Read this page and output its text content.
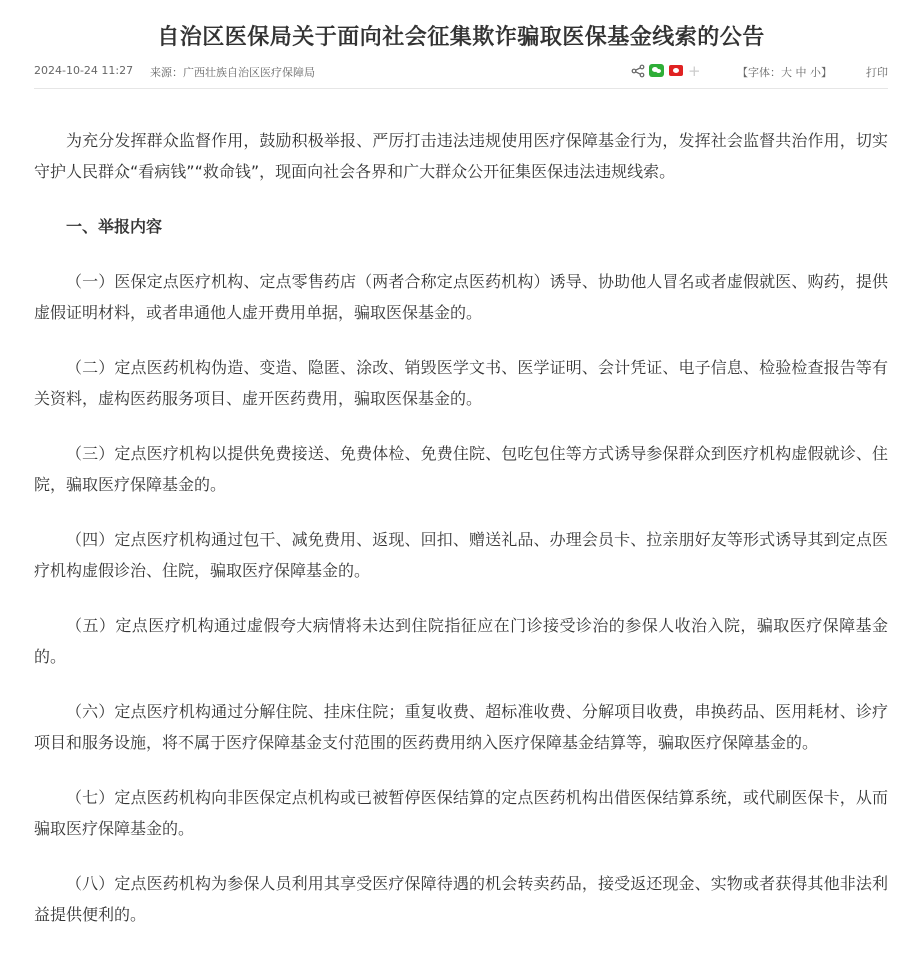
自治区医保局关于面向社会征集欺诈骗取医保基金线索的公告
2024-10-24 11:27 来源：广西壮族自治区医疗保障局	+	【字体：大 中 小】	打印

为充分发挥群众监督作用，鼓励积极举报、严厉打击违法违规使用医疗保障基金行为，发挥社会监督共治作用，切实守护人民群众“看病钱”“救命钱”，现面向社会各界和广大群众公开征集医保违法违规线索。

一、举报内容

（一）医保定点医疗机构、定点零售药店（两者合称定点医药机构）诱导、协助他人冒名或者虚假就医、购药，提供虚假证明材料，或者串通他人虚开费用单据，骗取医保基金的。

（二）定点医药机构伪造、变造、隐匿、涂改、销毁医学文书、医学证明、会计凭证、电子信息、检验检查报告等有关资料，虚构医药服务项目、虚开医药费用，骗取医保基金的。

（三）定点医疗机构以提供免费接送、免费体检、免费住院、包吃包住等方式诱导参保群众到医疗机构虚假就诊、住院，骗取医疗保障基金的。

（四）定点医疗机构通过包干、减免费用、返现、回扣、赠送礼品、办理会员卡、拉亲朋好友等形式诱导其到定点医疗机构虚假诊治、住院，骗取医疗保障基金的。

（五）定点医疗机构通过虚假夸大病情将未达到住院指征应在门诊接受诊治的参保人收治入院，骗取医疗保障基金的。

（六）定点医疗机构通过分解住院、挂床住院；重复收费、超标准收费、分解项目收费，串换药品、医用耗材、诊疗项目和服务设施，将不属于医疗保障基金支付范围的医药费用纳入医疗保障基金结算等，骗取医疗保障基金的。

（七）定点医药机构向非医保定点机构或已被暂停医保结算的定点医药机构出借医保结算系统，或代刷医保卡，从而骗取医疗保障基金的。

（八）定点医药机构为参保人员利用其享受医疗保障待遇的机会转卖药品，接受返还现金、实物或者获得其他非法利益提供便利的。
